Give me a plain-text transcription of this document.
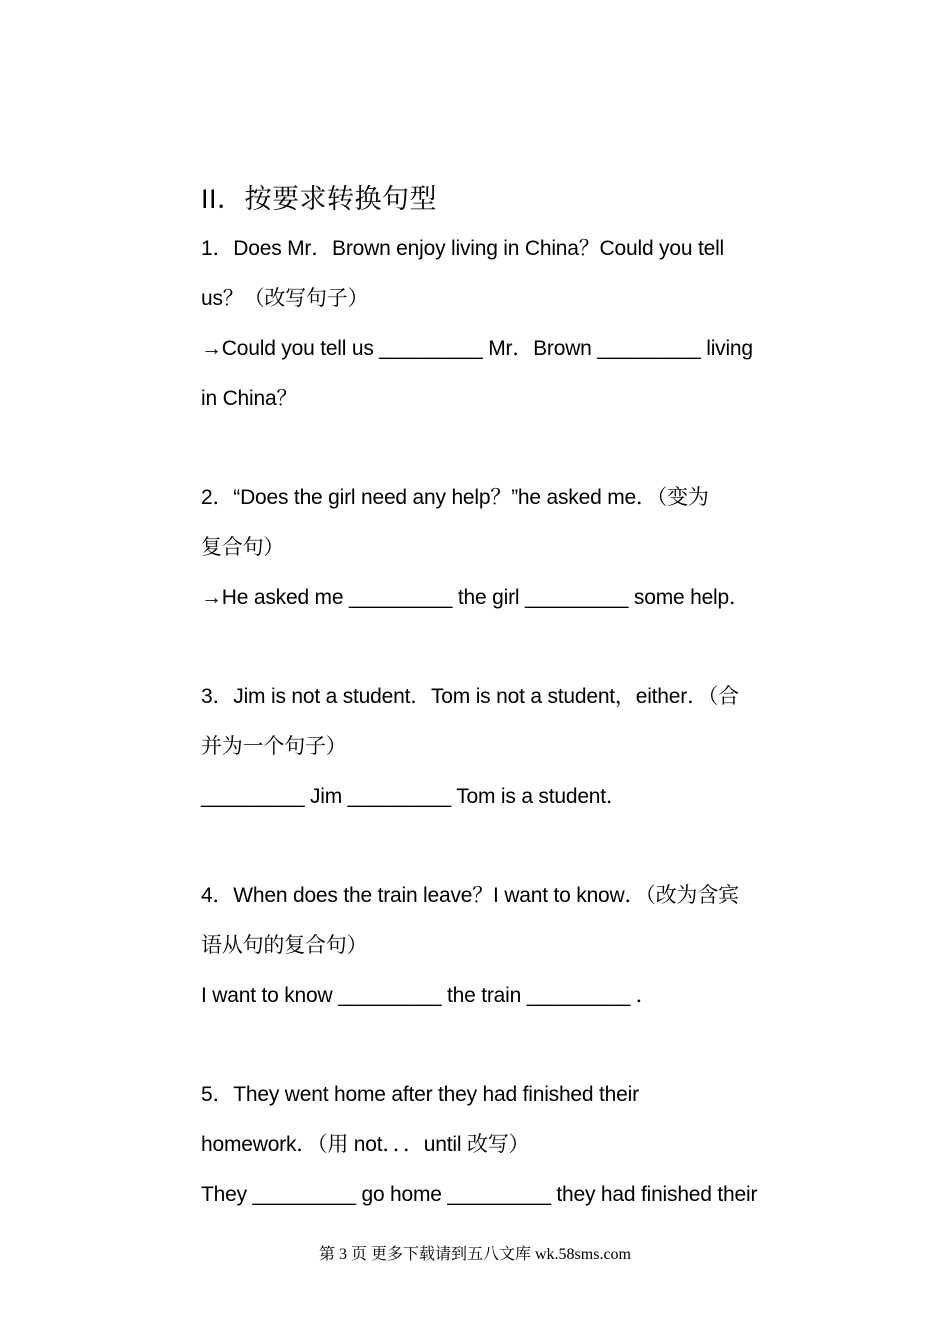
II．按要求转换句型
1．Does Mr．Brown enjoy living in China？Could you tell
us？（改写句子）
→Could you tell us _________ Mr．Brown _________ living
in China？
2．“Does the girl need any help？”he asked me．（变为
复合句）
→He asked me _________ the girl _________ some help．
3．Jim is not a student．Tom is not a student，either．（合
并为一个句子）
_________ Jim _________ Tom is a student．
4．When does the train leave？I want to know．（改为含宾
语从句的复合句）
I want to know _________ the train _________ ．
5．They went home after they had finished their
homework．（用 not．．．until 改写）
They _________ go home _________ they had finished their
第 3 页 更多下载请到五八文库 wk.58sms.com
